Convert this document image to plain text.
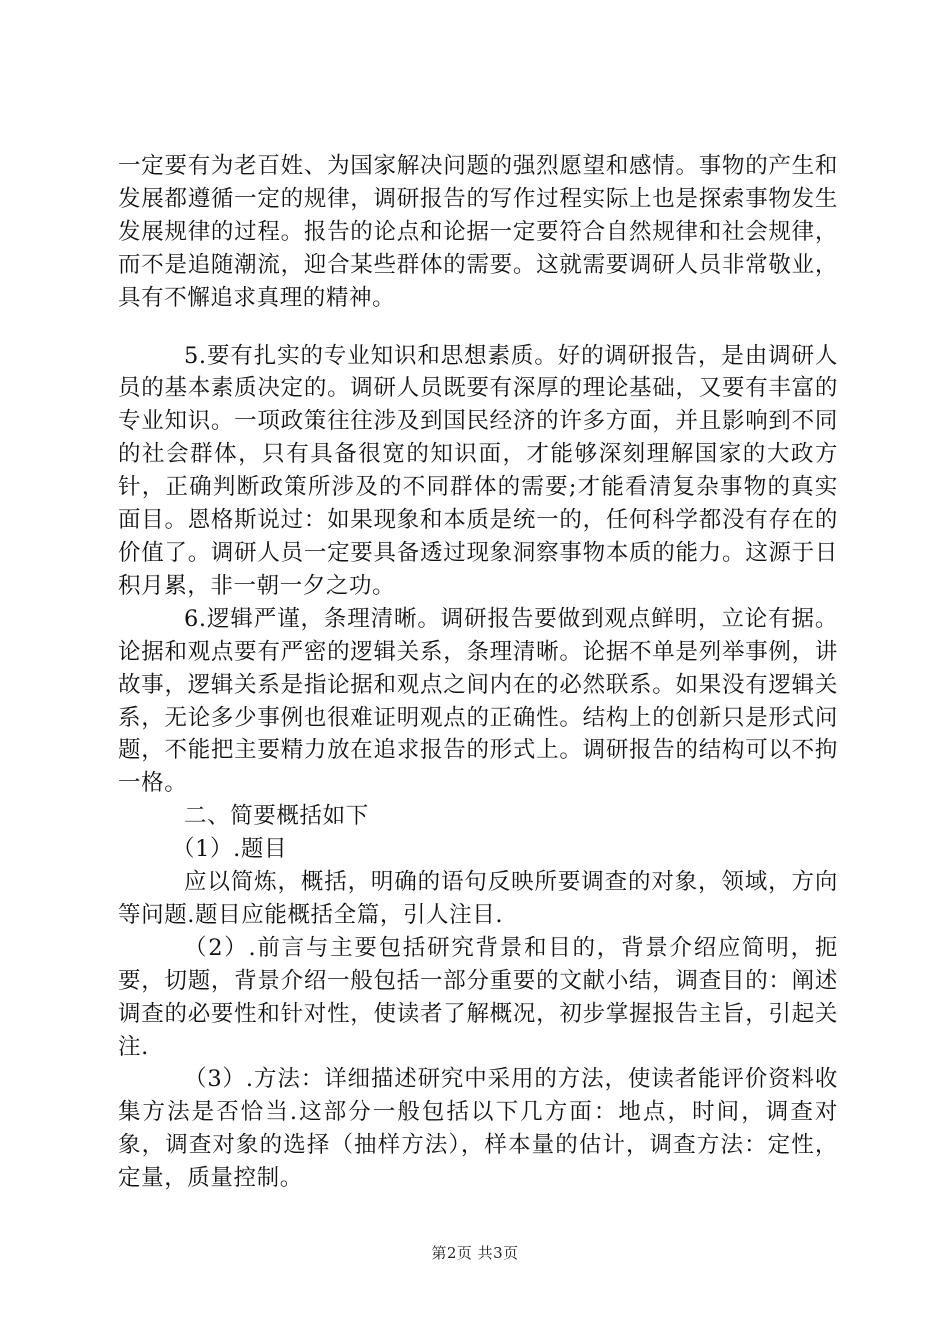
一定要有为老百姓、为国家解决问题的强烈愿望和感情。事物的产生和发展都遵循一定的规律，调研报告的写作过程实际上也是探索事物发生发展规律的过程。报告的论点和论据一定要符合自然规律和社会规律，而不是追随潮流，迎合某些群体的需要。这就需要调研人员非常敬业，具有不懈追求真理的精神。

5.要有扎实的专业知识和思想素质。好的调研报告，是由调研人员的基本素质决定的。调研人员既要有深厚的理论基础，又要有丰富的专业知识。一项政策往往涉及到国民经济的许多方面，并且影响到不同的社会群体，只有具备很宽的知识面，才能够深刻理解国家的大政方针，正确判断政策所涉及的不同群体的需要;才能看清复杂事物的真实面目。恩格斯说过：如果现象和本质是统一的，任何科学都没有存在的价值了。调研人员一定要具备透过现象洞察事物本质的能力。这源于日积月累，非一朝一夕之功。

6.逻辑严谨，条理清晰。调研报告要做到观点鲜明，立论有据。论据和观点要有严密的逻辑关系，条理清晰。论据不单是列举事例，讲故事，逻辑关系是指论据和观点之间内在的必然联系。如果没有逻辑关系，无论多少事例也很难证明观点的正确性。结构上的创新只是形式问题，不能把主要精力放在追求报告的形式上。调研报告的结构可以不拘一格。

二、简要概括如下

（1）.题目

应以简炼，概括，明确的语句反映所要调查的对象，领域，方向等问题.题目应能概括全篇，引人注目.

（2）.前言与主要包括研究背景和目的，背景介绍应简明，扼要，切题，背景介绍一般包括一部分重要的文献小结，调查目的：阐述调查的必要性和针对性，使读者了解概况，初步掌握报告主旨，引起关注.

（3）.方法：详细描述研究中采用的方法，使读者能评价资料收集方法是否恰当.这部分一般包括以下几方面：地点，时间，调查对象，调查对象的选择（抽样方法），样本量的估计，调查方法：定性，定量，质量控制。

第2页 共3页
